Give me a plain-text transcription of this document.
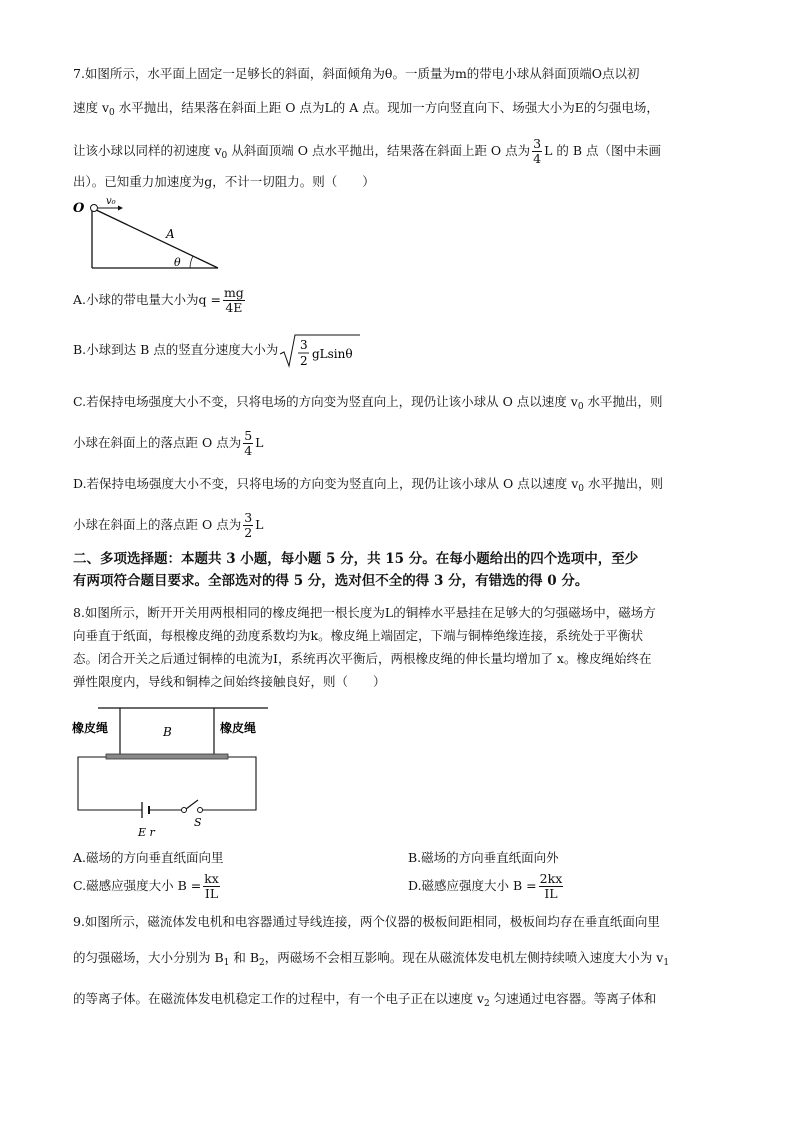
7.如图所示，水平面上固定一足够长的斜面，斜面倾角为θ。一质量为m的带电小球从斜面顶端O点以初
速度 $v_0$ 水平抛出，结果落在斜面上距 O 点为L的 A 点。现加一方向竖直向下、场强大小为E的匀强电场，
让该小球以同样的初速度 $v_0$ 从斜面顶端 O 点水平抛出，结果落在斜面上距 O 点为 $\frac{3}{4}$ L 的 B 点（图中未画
出）。已知重力加速度为g，不计一切阻力。则（　　）
O v₀
A
θ
A.小球的带电量大小为$q = \frac{mg}{4E}$
B.小球到达 B 点的竖直分速度大小为 3
2 gLsinθ
C.若保持电场强度大小不变，只将电场的方向变为竖直向上，现仍让该小球从 O 点以速度 $v_0$ 水平抛出，则
小球在斜面上的落点距 O 点为 $\frac{5}{4}$ L
D.若保持电场强度大小不变，只将电场的方向变为竖直向上，现仍让该小球从 O 点以速度 $v_0$ 水平抛出，则
小球在斜面上的落点距 O 点为 $\frac{3}{2}$ L
二、多项选择题：本题共 3 小题，每小题 5 分，共 15 分。在每小题给出的四个选项中，至少
有两项符合题目要求。全部选对的得 5 分，选对但不全的得 3 分，有错选的得 0 分。
8.如图所示，断开开关用两根相同的橡皮绳把一根长度为L的铜棒水平悬挂在足够大的匀强磁场中，磁场方
向垂直于纸面，每根橡皮绳的劲度系数均为k。橡皮绳上端固定，下端与铜棒绝缘连接，系统处于平衡状
态。闭合开关之后通过铜棒的电流为I，系统再次平衡后，两根橡皮绳的伸长量均增加了 x。橡皮绳始终在
弹性限度内，导线和铜棒之间始终接触良好，则（　　）
橡皮绳	橡皮绳
B
S
E r
A.磁场的方向垂直纸面向里	B.磁场的方向垂直纸面向外
C.磁感应强度大小 $B = \frac{kx}{IL}$	D.磁感应强度大小 $B = \frac{2kx}{IL}$
9.如图所示，磁流体发电机和电容器通过导线连接，两个仪器的极板间距相同，极板间均存在垂直纸面向里
的匀强磁场，大小分别为 $B_1$ 和 $B_2$，两磁场不会相互影响。现在从磁流体发电机左侧持续喷入速度大小为 $v_1$
的等离子体。在磁流体发电机稳定工作的过程中，有一个电子正在以速度 $v_2$ 匀速通过电容器。等离子体和
